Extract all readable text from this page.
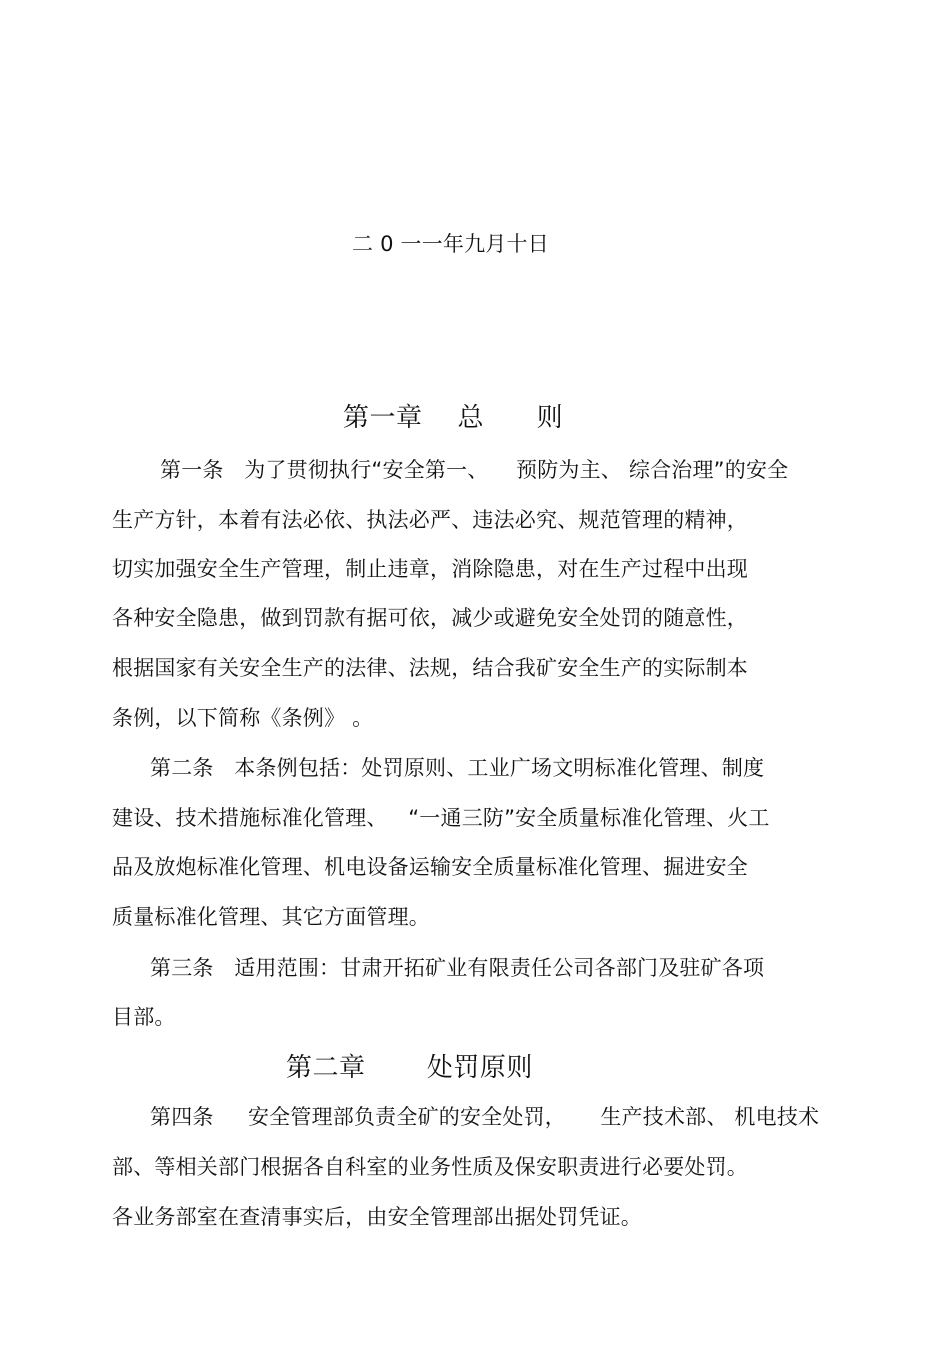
二 0 一一年九月十日
第一章    总      则
第一条   为了贯彻执行“安全第一、    预防为主、 综合治理”的安全
生产方针，本着有法必依、执法必严、违法必究、规范管理的精神，
切实加强安全生产管理，制止违章，消除隐患，对在生产过程中出现
各种安全隐患，做到罚款有据可依，减少或避免安全处罚的随意性，
根据国家有关安全生产的法律、法规，结合我矿安全生产的实际制本
条例，以下简称《条例》 。
第二条   本条例包括：处罚原则、工业广场文明标准化管理、制度
建设、技术措施标准化管理、   “一通三防”安全质量标准化管理、火工
品及放炮标准化管理、机电设备运输安全质量标准化管理、掘进安全
质量标准化管理、其它方面管理。
第三条   适用范围：甘肃开拓矿业有限责任公司各部门及驻矿各项
目部。
第二章       处罚原则
第四条     安全管理部负责全矿的安全处罚，     生产技术部、 机电技术
部、等相关部门根据各自科室的业务性质及保安职责进行必要处罚。
各业务部室在查清事实后，由安全管理部出据处罚凭证。
